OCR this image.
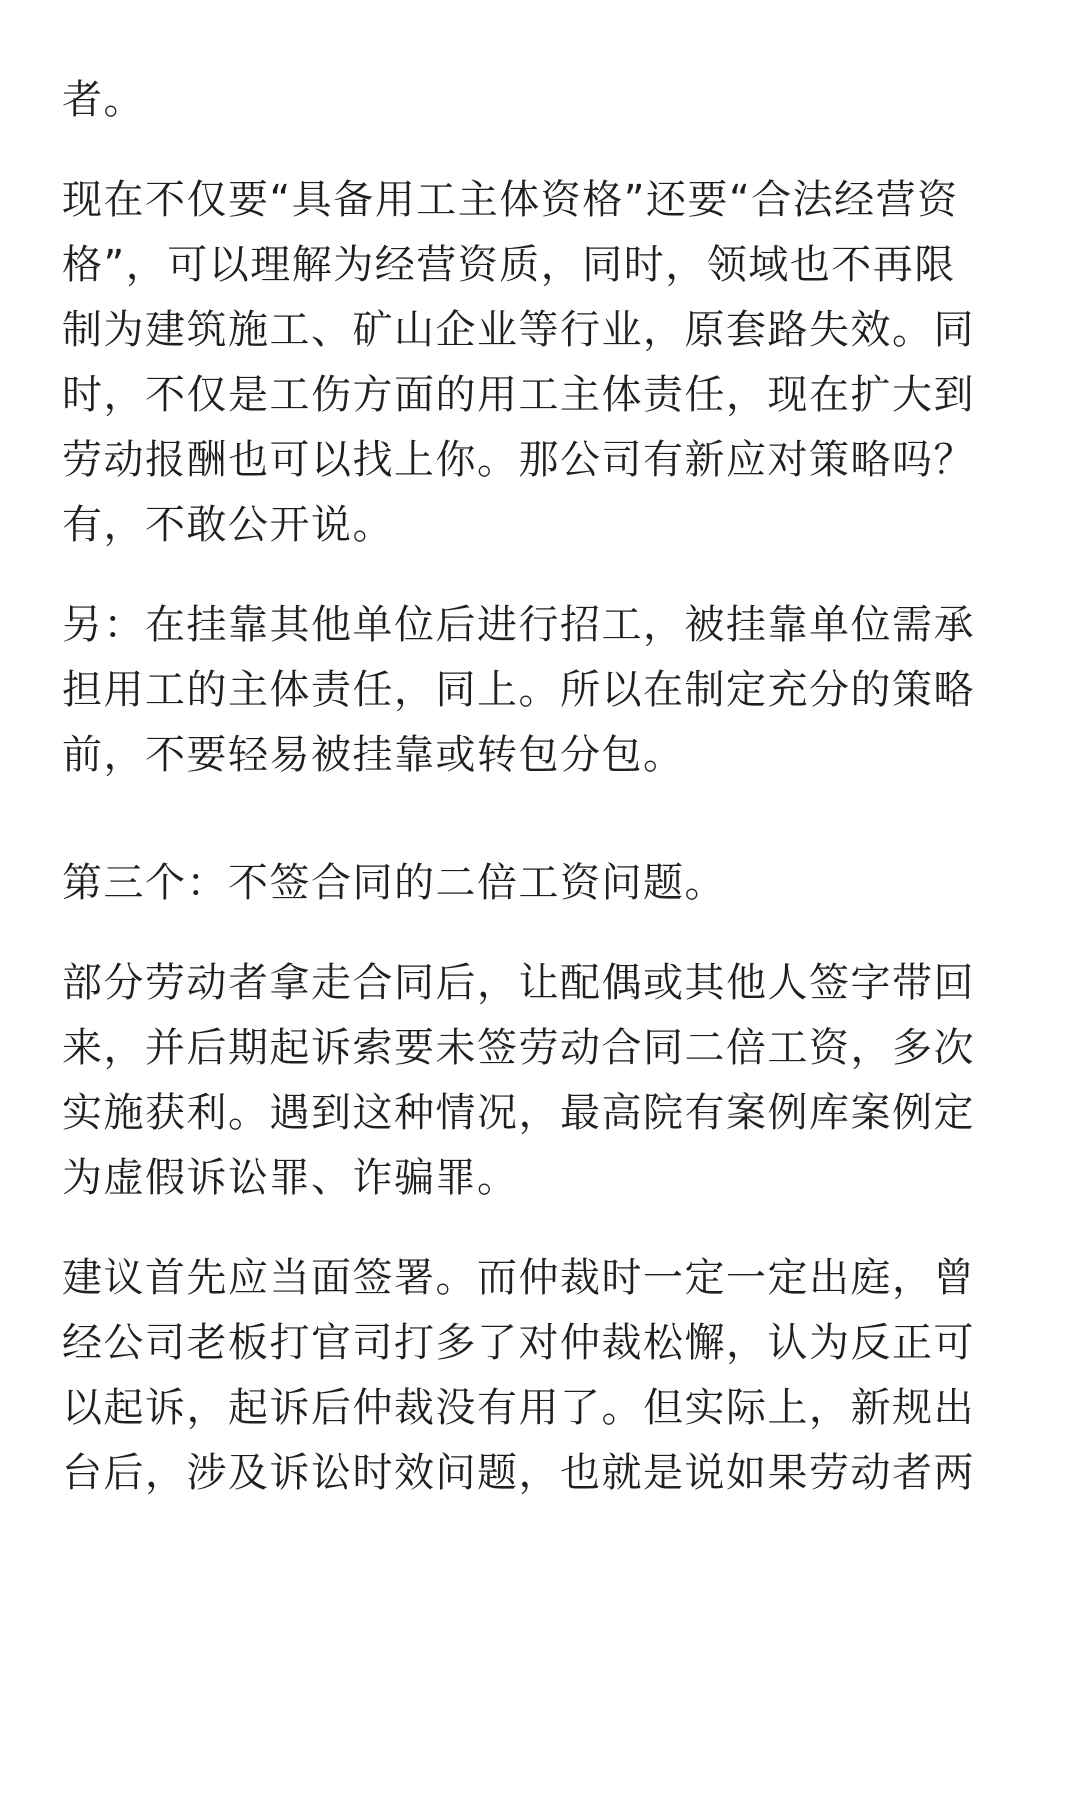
者。

现在不仅要“具备用工主体资格”还要“合法经营资

格”，可以理解为经营资质，同时，领域也不再限

制为建筑施工、矿山企业等行业，原套路失效。同

时，不仅是工伤方面的用工主体责任，现在扩大到

劳动报酬也可以找上你。那公司有新应对策略吗？

有，不敢公开说。

另：在挂靠其他单位后进行招工，被挂靠单位需承

担用工的主体责任，同上。所以在制定充分的策略

前，不要轻易被挂靠或转包分包。

第三个：不签合同的二倍工资问题。

部分劳动者拿走合同后，让配偶或其他人签字带回

来，并后期起诉索要未签劳动合同二倍工资，多次

实施获利。遇到这种情况，最高院有案例库案例定

为虚假诉讼罪、诈骗罪。

建议首先应当面签署。而仲裁时一定一定出庭，曾

经公司老板打官司打多了对仲裁松懈，认为反正可

以起诉，起诉后仲裁没有用了。但实际上，新规出

台后，涉及诉讼时效问题，也就是说如果劳动者两
